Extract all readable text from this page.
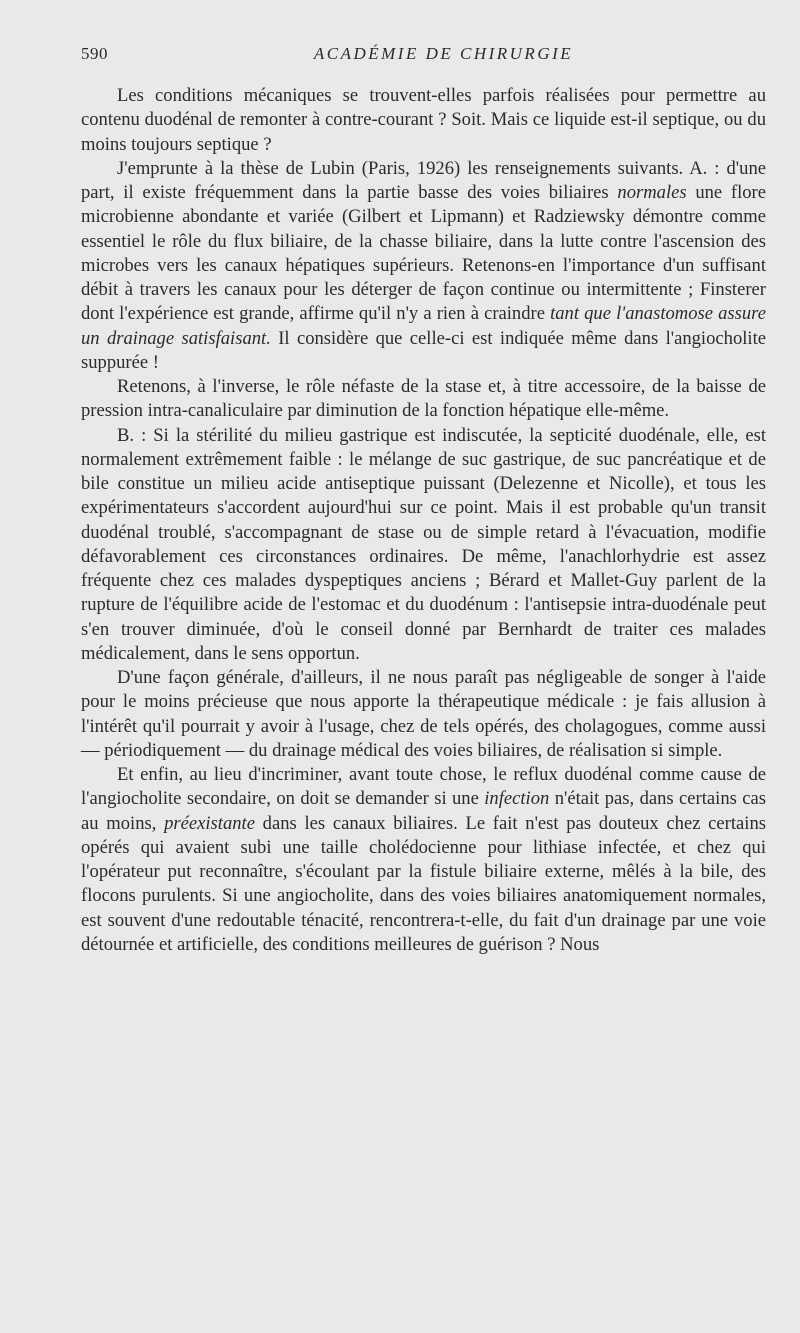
590	ACADÉMIE DE CHIRURGIE

Les conditions mécaniques se trouvent-elles parfois réalisées pour permettre au contenu duodénal de remonter à contre-courant ? Soit. Mais ce liquide est-il septique, ou du moins toujours septique ?

J'emprunte à la thèse de Lubin (Paris, 1926) les renseignements suivants. A. : d'une part, il existe fréquemment dans la partie basse des voies biliaires normales une flore microbienne abondante et variée (Gilbert et Lipmann) et Radziewsky démontre comme essentiel le rôle du flux biliaire, de la chasse biliaire, dans la lutte contre l'ascension des microbes vers les canaux hépatiques supérieurs. Retenons-en l'importance d'un suffisant débit à travers les canaux pour les déterger de façon continue ou intermittente ; Finsterer dont l'expérience est grande, affirme qu'il n'y a rien à craindre tant que l'anastomose assure un drainage satisfaisant. Il considère que celle-ci est indiquée même dans l'angiocholite suppurée !

Retenons, à l'inverse, le rôle néfaste de la stase et, à titre accessoire, de la baisse de pression intra-canaliculaire par diminution de la fonction hépatique elle-même.

B. : Si la stérilité du milieu gastrique est indiscutée, la septicité duodénale, elle, est normalement extrêmement faible : le mélange de suc gastrique, de suc pancréatique et de bile constitue un milieu acide antiseptique puissant (Delezenne et Nicolle), et tous les expérimentateurs s'accordent aujourd'hui sur ce point. Mais il est probable qu'un transit duodénal troublé, s'accompagnant de stase ou de simple retard à l'évacuation, modifie défavorablement ces circonstances ordinaires. De même, l'anachlorhydrie est assez fréquente chez ces malades dyspeptiques anciens ; Bérard et Mallet-Guy parlent de la rupture de l'équilibre acide de l'estomac et du duodénum : l'antisepsie intra-duodénale peut s'en trouver diminuée, d'où le conseil donné par Bernhardt de traiter ces malades médicalement, dans le sens opportun.

D'une façon générale, d'ailleurs, il ne nous paraît pas négligeable de songer à l'aide pour le moins précieuse que nous apporte la thérapeutique médicale : je fais allusion à l'intérêt qu'il pourrait y avoir à l'usage, chez de tels opérés, des cholagogues, comme aussi — périodiquement — du drainage médical des voies biliaires, de réalisation si simple.

Et enfin, au lieu d'incriminer, avant toute chose, le reflux duodénal comme cause de l'angiocholite secondaire, on doit se demander si une infection n'était pas, dans certains cas au moins, préexistante dans les canaux biliaires. Le fait n'est pas douteux chez certains opérés qui avaient subi une taille cholédocienne pour lithiase infectée, et chez qui l'opérateur put reconnaître, s'écoulant par la fistule biliaire externe, mêlés à la bile, des flocons purulents. Si une angiocholite, dans des voies biliaires anatomiquement normales, est souvent d'une redoutable ténacité, rencontrera-t-elle, du fait d'un drainage par une voie détournée et artificielle, des conditions meilleures de guérison ? Nous
